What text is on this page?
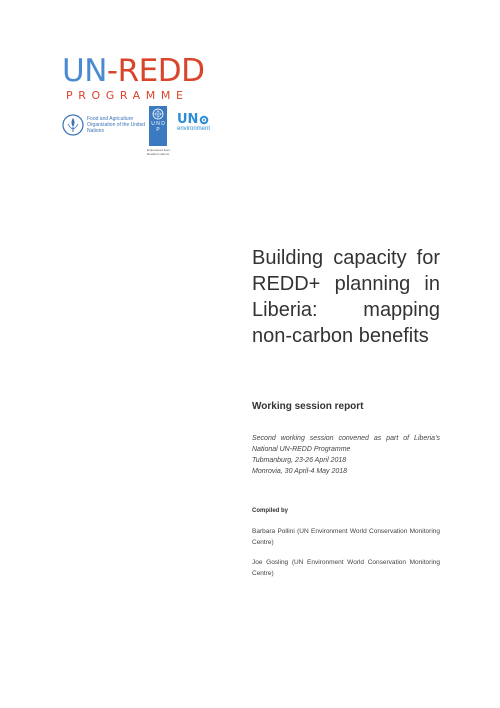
UN-REDD
PROGRAMME
Food and Agriculture Organization of the United Nations
U N D P
Empowered lives. Resilient nations.
UN
environment
Building capacity for
REDD+ planning in
Liberia: mapping
non-carbon benefits
Working session report
Second working session convened as part of Liberia’s National UN-REDD Programme
Tubmanburg, 23-26 April 2018
Monrovia, 30 April-4 May 2018
Compiled by
Barbara Pollini (UN Environment World Conservation Monitoring Centre)
Joe Gosling (UN Environment World Conservation Monitoring Centre)
